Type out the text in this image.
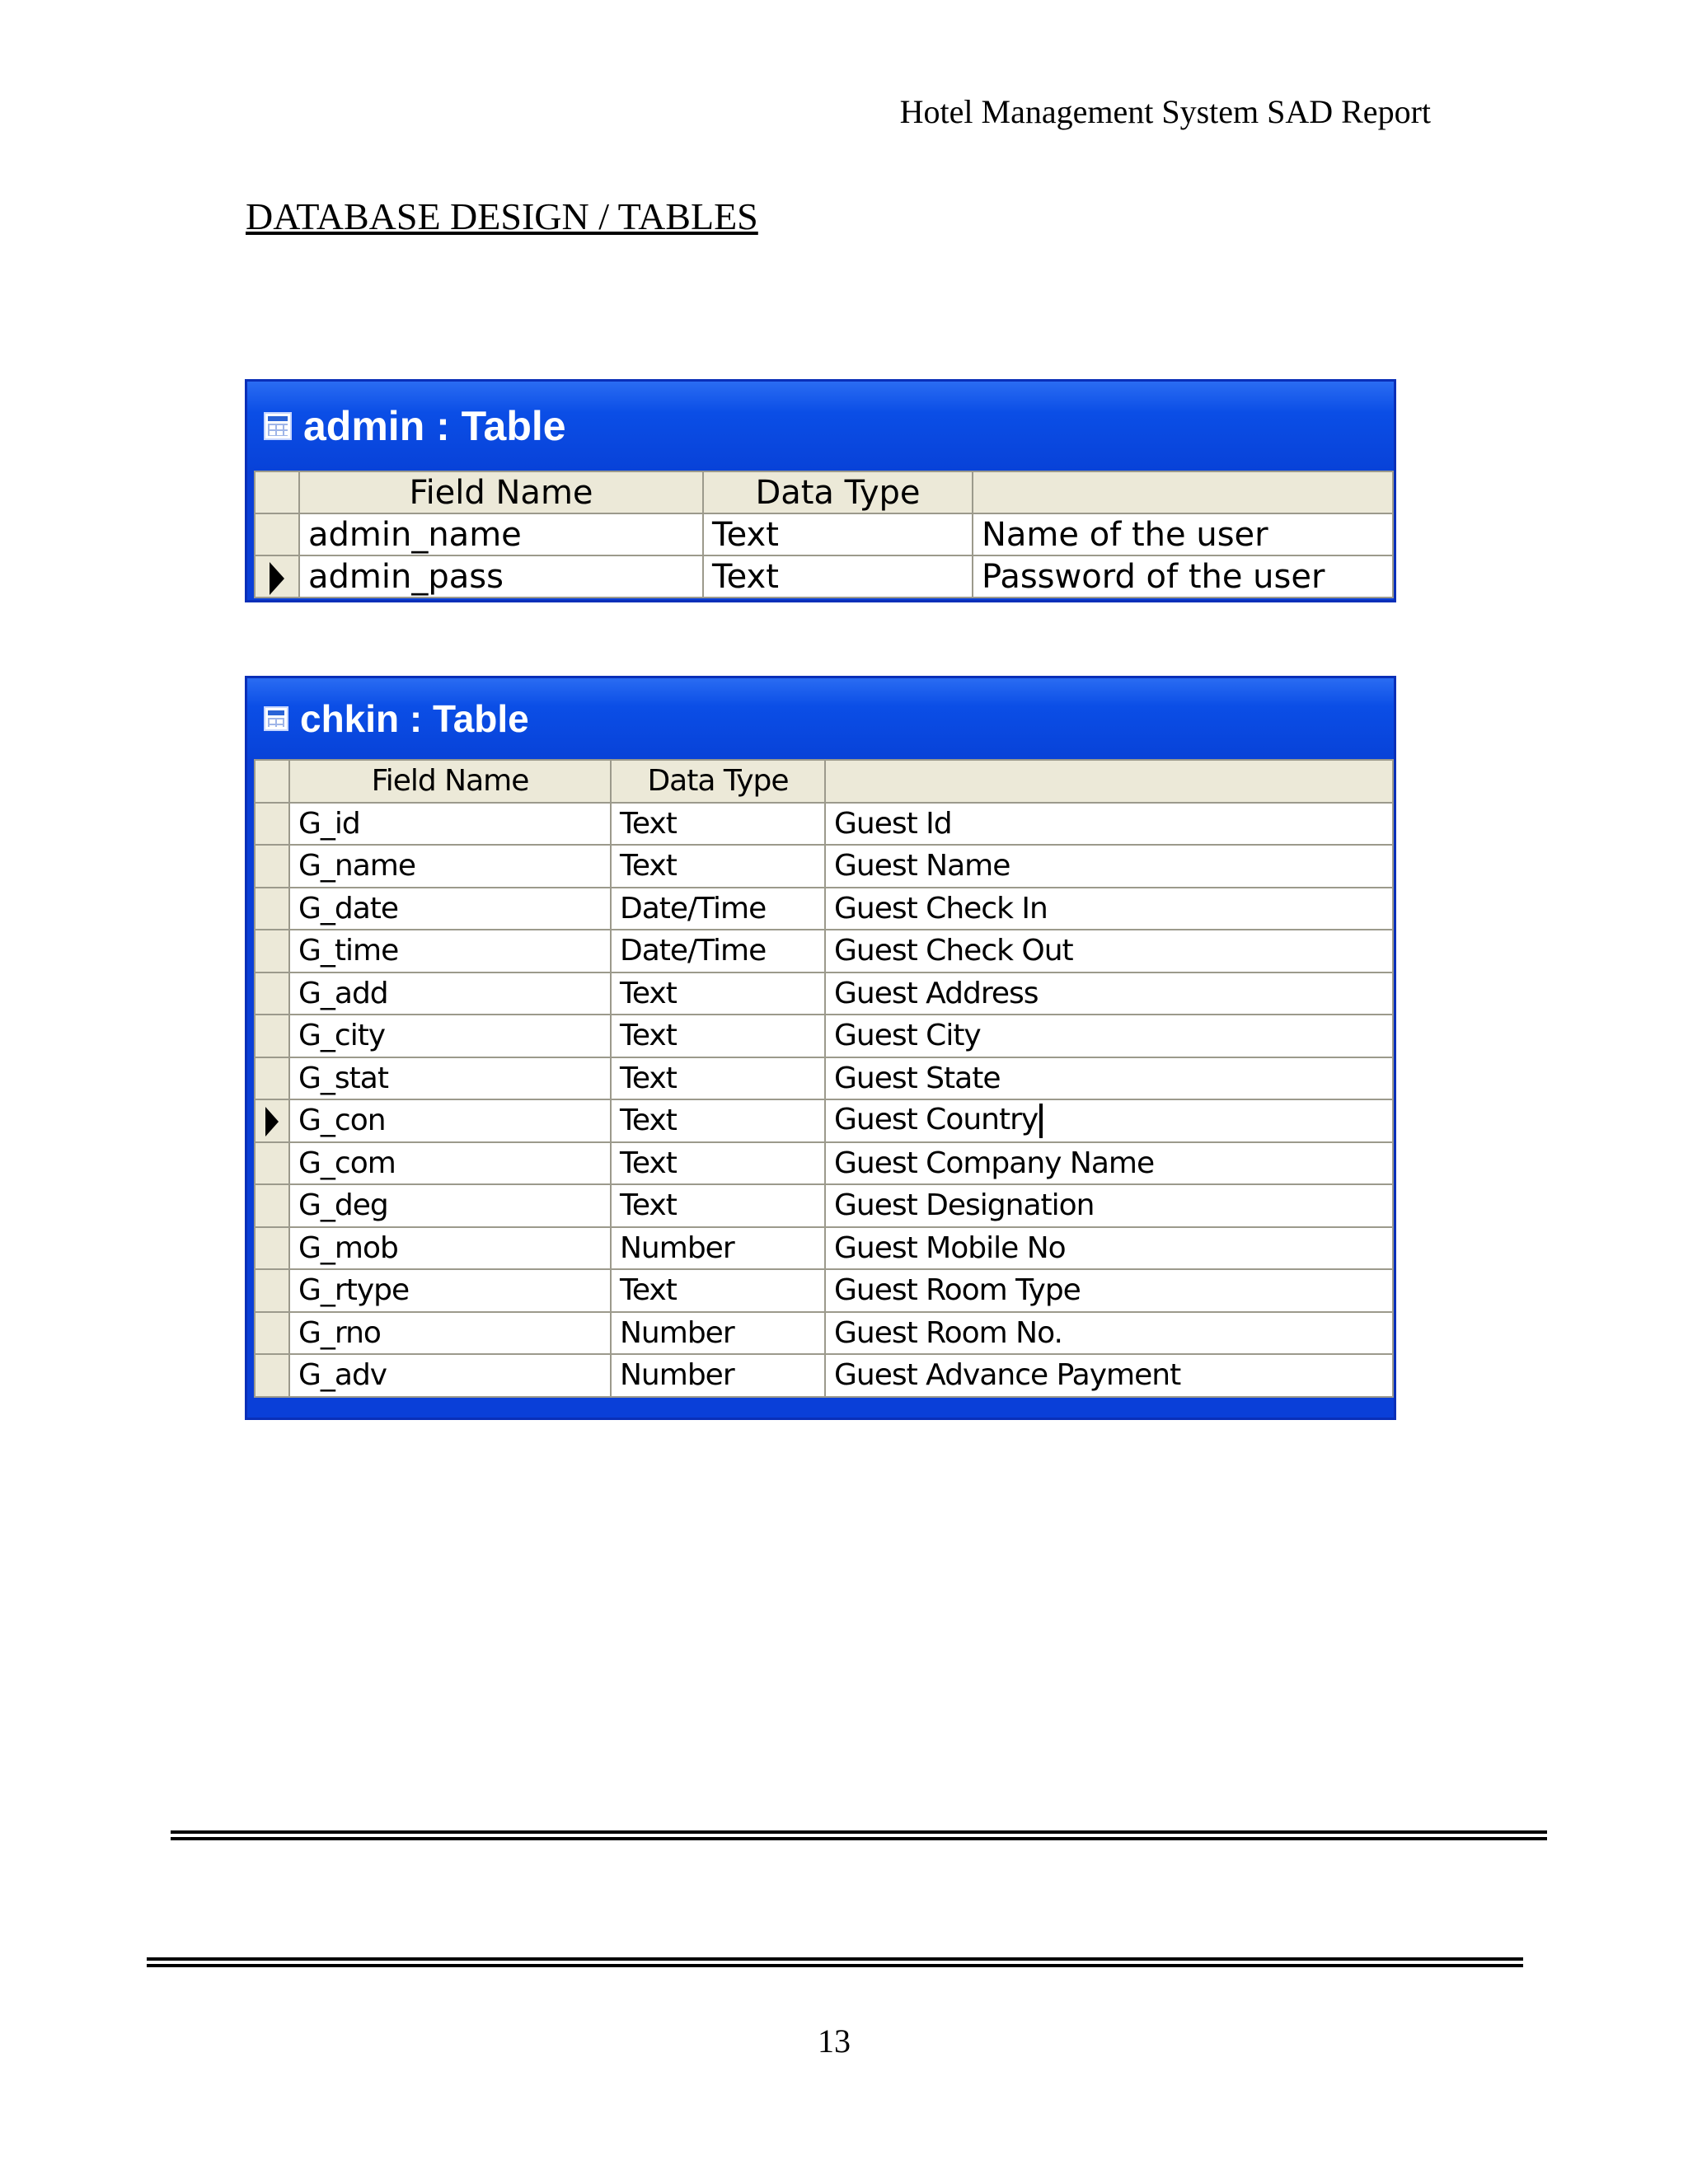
Hotel Management System SAD Report
DATABASE DESIGN / TABLES
admin : Table
	Field Name	Data Type	
	admin_name	Text	Name of the user
	admin_pass	Text	Password of the user
chkin : Table
	Field Name	Data Type	
	G_id	Text	Guest Id
	G_name	Text	Guest Name
	G_date	Date/Time	Guest Check In
	G_time	Date/Time	Guest Check Out
	G_add	Text	Guest Address
	G_city	Text	Guest City
	G_stat	Text	Guest State
	G_con	Text	Guest Country
	G_com	Text	Guest Company Name
	G_deg	Text	Guest Designation
	G_mob	Number	Guest Mobile No
	G_rtype	Text	Guest Room Type
	G_rno	Number	Guest Room No.
	G_adv	Number	Guest Advance Payment
13
